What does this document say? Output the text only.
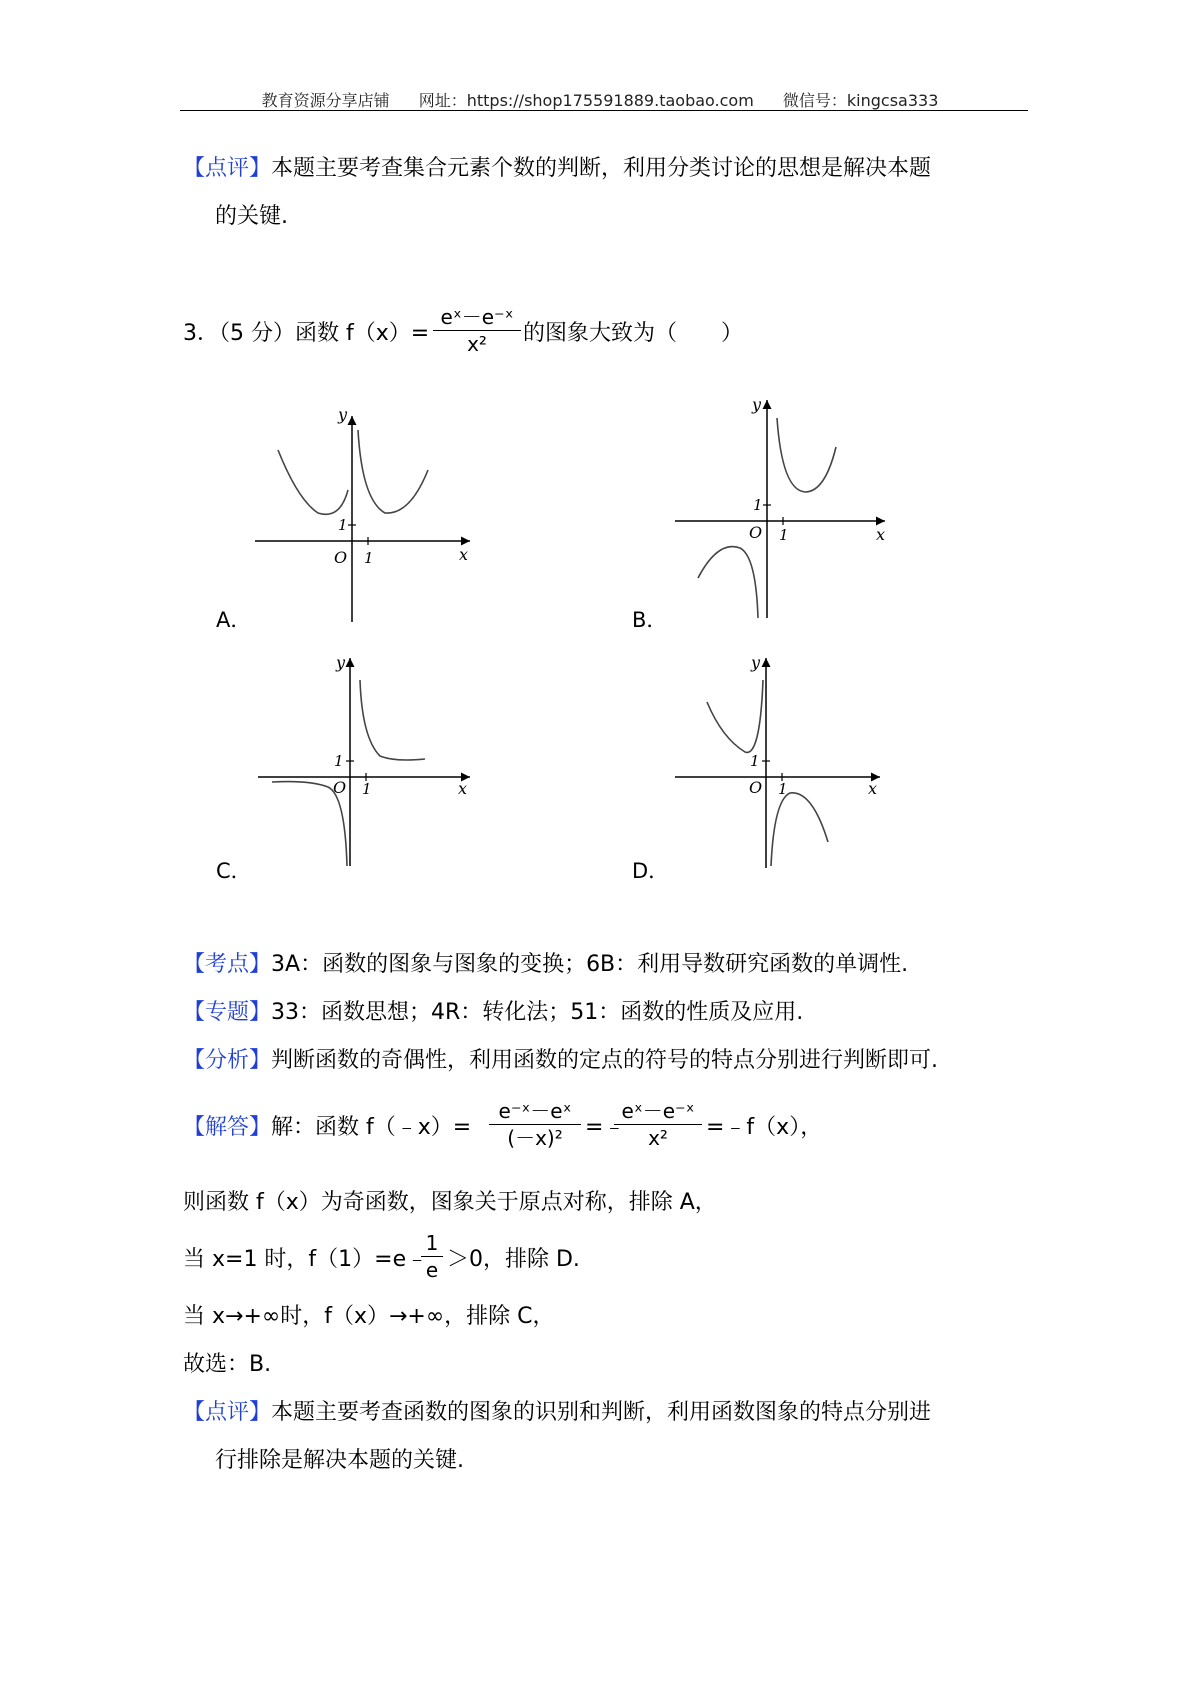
教育资源分享店铺 网址：https://shop175591889.taobao.com 微信号：kingcsa333
【点评】本题主要考查集合元素个数的判断，利用分类讨论的思想是解决本题
的关键.
3．（5 分）函数 f（x）=
eˣ－e⁻ˣ
x²	的图象大致为（　　）
y
x
O
1
1
y
x
O
1
1
y
x
O
1
1
y
x
O
1
1
A．	B．
C．	D．
【考点】3A：函数的图象与图象的变换；6B：利用导数研究函数的单调性.
【专题】33：函数思想；4R：转化法；51：函数的性质及应用.
【分析】判断函数的奇偶性，利用函数的定点的符号的特点分别进行判断即可.
【解答】解：函数 f（﹣x）=
e⁻ˣ－eˣ
(－x)²	=﹣
eˣ－e⁻ˣ
x²	=﹣f（x），
则函数 f（x）为奇函数，图象关于原点对称，排除 A，
当 x=1 时，f（1）=e﹣
1
e ＞0，排除 D.
当 x→+∞时，f（x）→+∞，排除 C，
故选：B.
【点评】本题主要考查函数的图象的识别和判断，利用函数图象的特点分别进
行排除是解决本题的关键.
